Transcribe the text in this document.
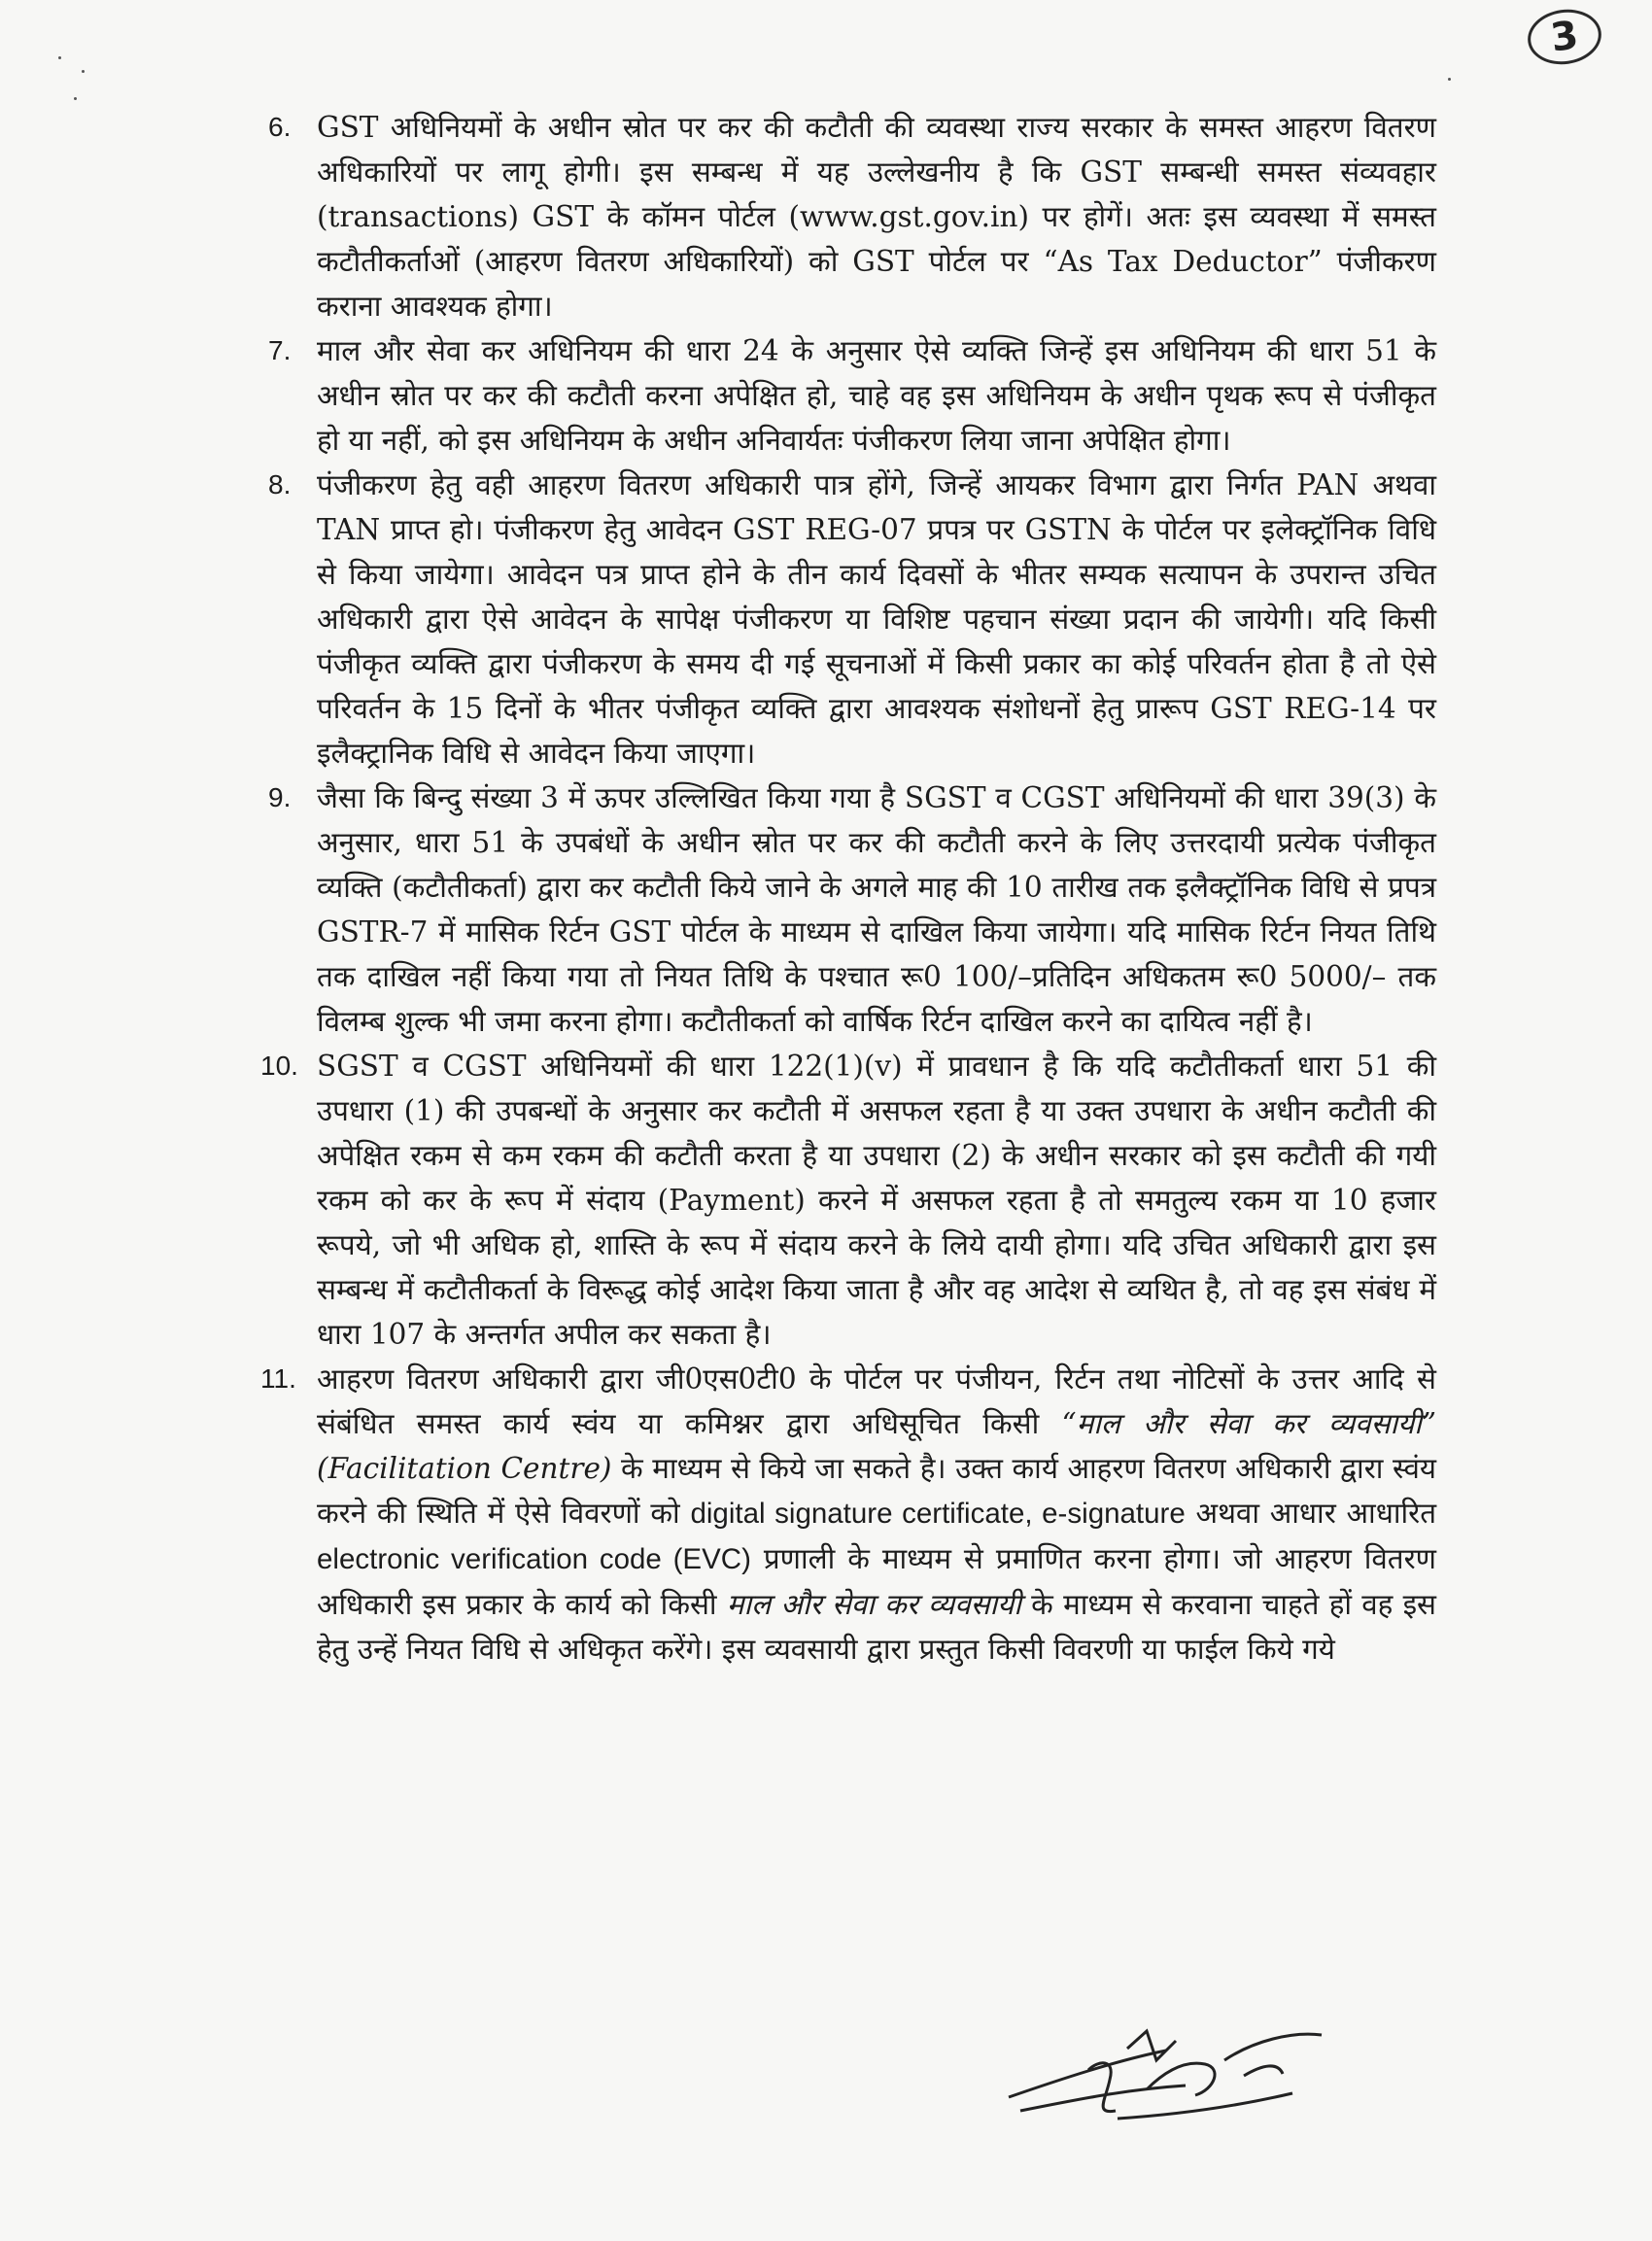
3
6. GST अधिनियमों के अधीन स्रोत पर कर की कटौती की व्यवस्था राज्य सरकार के समस्त आहरण वितरण अधिकारियों पर लागू होगी। इस सम्बन्ध में यह उल्लेखनीय है कि GST सम्बन्धी समस्त संव्यवहार (transactions) GST के कॉमन पोर्टल (www.gst.gov.in) पर होगें। अतः इस व्यवस्था में समस्त कटौतीकर्ताओं (आहरण वितरण अधिकारियों) को GST पोर्टल पर “As Tax Deductor” पंजीकरण कराना आवश्यक होगा।
7. माल और सेवा कर अधिनियम की धारा 24 के अनुसार ऐसे व्यक्ति जिन्हें इस अधिनियम की धारा 51 के अधीन स्रोत पर कर की कटौती करना अपेक्षित हो, चाहे वह इस अधिनियम के अधीन पृथक रूप से पंजीकृत हो या नहीं, को इस अधिनियम के अधीन अनिवार्यतः पंजीकरण लिया जाना अपेक्षित होगा।
8. पंजीकरण हेतु वही आहरण वितरण अधिकारी पात्र होंगे, जिन्हें आयकर विभाग द्वारा निर्गत PAN अथवा TAN प्राप्त हो। पंजीकरण हेतु आवेदन GST REG-07 प्रपत्र पर GSTN के पोर्टल पर इलेक्ट्रॉनिक विधि से किया जायेगा। आवेदन पत्र प्राप्त होने के तीन कार्य दिवसों के भीतर सम्यक सत्यापन के उपरान्त उचित अधिकारी द्वारा ऐसे आवेदन के सापेक्ष पंजीकरण या विशिष्ट पहचान संख्या प्रदान की जायेगी। यदि किसी पंजीकृत व्यक्ति द्वारा पंजीकरण के समय दी गई सूचनाओं में किसी प्रकार का कोई परिवर्तन होता है तो ऐसे परिवर्तन के 15 दिनों के भीतर पंजीकृत व्यक्ति द्वारा आवश्यक संशोधनों हेतु प्रारूप GST REG-14 पर इलैक्ट्रानिक विधि से आवेदन किया जाएगा।
9. जैसा कि बिन्दु संख्या 3 में ऊपर उल्लिखित किया गया है SGST व CGST अधिनियमों की धारा 39(3) के अनुसार, धारा 51 के उपबंधों के अधीन स्रोत पर कर की कटौती करने के लिए उत्तरदायी प्रत्येक पंजीकृत व्यक्ति (कटौतीकर्ता) द्वारा कर कटौती किये जाने के अगले माह की 10 तारीख तक इलैक्ट्रॉनिक विधि से प्रपत्र GSTR-7 में मासिक रिर्टन GST पोर्टल के माध्यम से दाखिल किया जायेगा। यदि मासिक रिर्टन नियत तिथि तक दाखिल नहीं किया गया तो नियत तिथि के पश्चात रू0 100/–प्रतिदिन अधिकतम रू0 5000/– तक विलम्ब शुल्क भी जमा करना होगा। कटौतीकर्ता को वार्षिक रिर्टन दाखिल करने का दायित्व नहीं है।
10. SGST व CGST अधिनियमों की धारा 122(1)(v) में प्रावधान है कि यदि कटौतीकर्ता धारा 51 की उपधारा (1) की उपबन्धों के अनुसार कर कटौती में असफल रहता है या उक्त उपधारा के अधीन कटौती की अपेक्षित रकम से कम रकम की कटौती करता है या उपधारा (2) के अधीन सरकार को इस कटौती की गयी रकम को कर के रूप में संदाय (Payment) करने में असफल रहता है तो समतुल्य रकम या 10 हजार रूपये, जो भी अधिक हो, शास्ति के रूप में संदाय करने के लिये दायी होगा। यदि उचित अधिकारी द्वारा इस सम्बन्ध में कटौतीकर्ता के विरूद्ध कोई आदेश किया जाता है और वह आदेश से व्यथित है, तो वह इस संबंध में धारा 107 के अन्तर्गत अपील कर सकता है।
11. आहरण वितरण अधिकारी द्वारा जी0एस0टी0 के पोर्टल पर पंजीयन, रिर्टन तथा नोटिसों के उत्तर आदि से संबंधित समस्त कार्य स्वंय या कमिश्नर द्वारा अधिसूचित किसी “माल और सेवा कर व्यवसायी” (Facilitation Centre) के माध्यम से किये जा सकते है। उक्त कार्य आहरण वितरण अधिकारी द्वारा स्वंय करने की स्थिति में ऐसे विवरणों को digital signature certificate, e-signature अथवा आधार आधारित electronic verification code (EVC) प्रणाली के माध्यम से प्रमाणित करना होगा। जो आहरण वितरण अधिकारी इस प्रकार के कार्य को किसी माल और सेवा कर व्यवसायी के माध्यम से करवाना चाहते हों वह इस हेतु उन्हें नियत विधि से अधिकृत करेंगे। इस व्यवसायी द्वारा प्रस्तुत किसी विवरणी या फाईल किये गये
